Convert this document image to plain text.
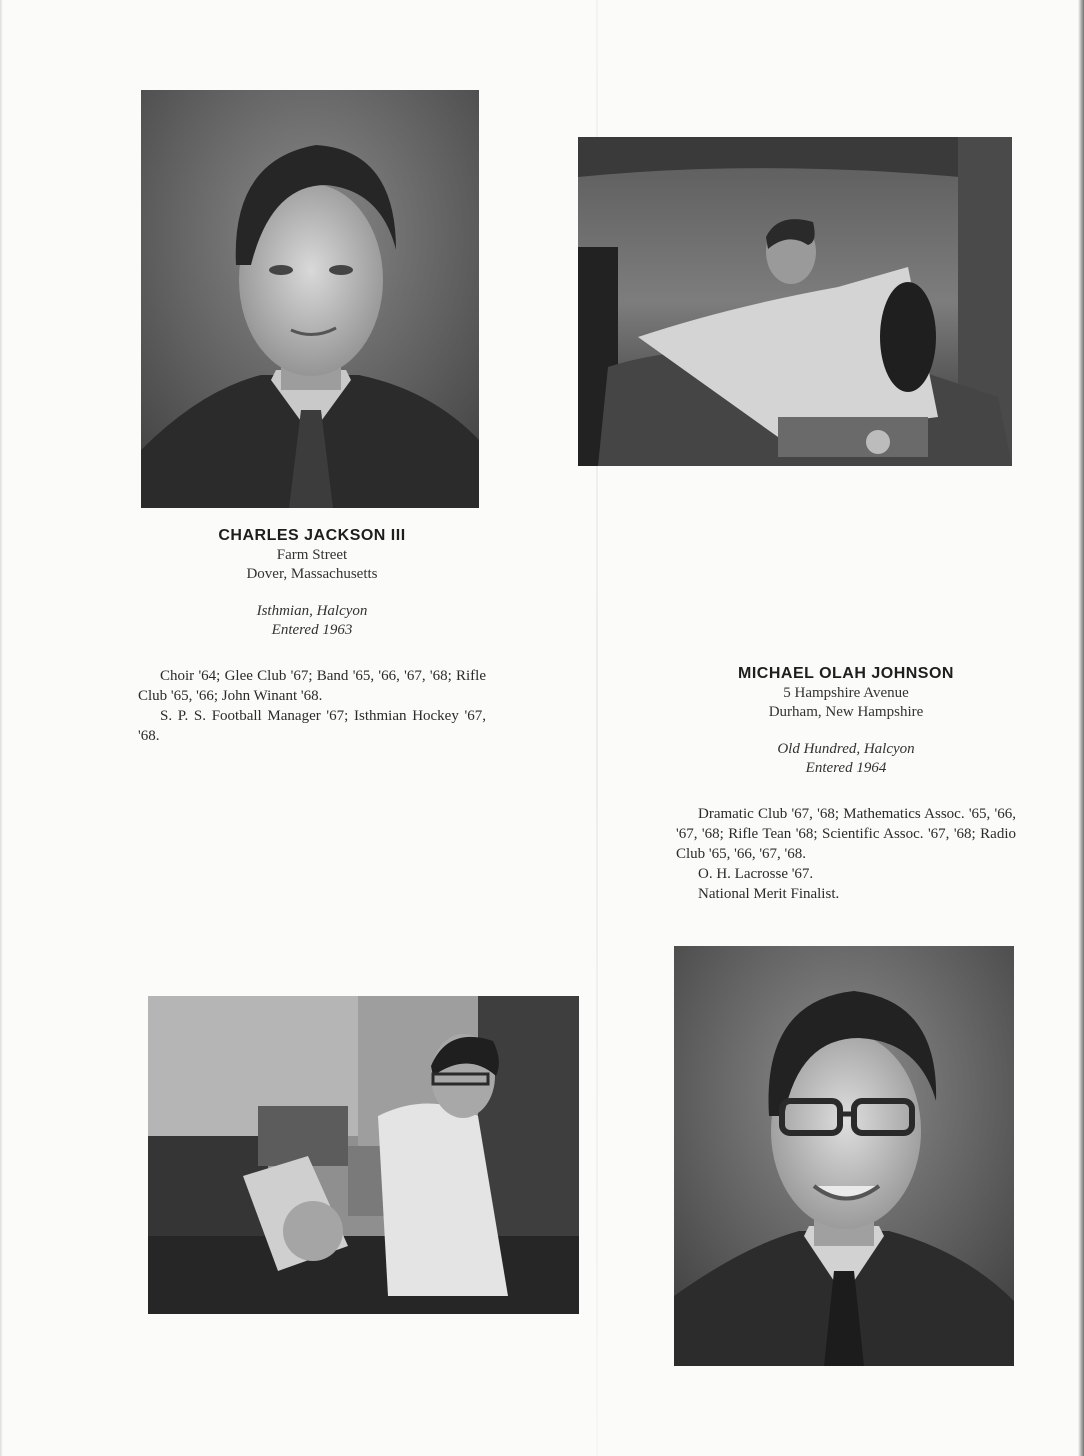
CHARLES JACKSON III
Farm Street
Dover, Massachusetts
Isthmian, Halcyon
Entered 1963

Choir '64; Glee Club '67; Band '65, '66, '67, '68; Rifle Club '65, '66; John Winant '68.

S. P. S. Football Manager '67; Isthmian Hockey '67, '68.

MICHAEL OLAH JOHNSON
5 Hampshire Avenue
Durham, New Hampshire
Old Hundred, Halcyon
Entered 1964

Dramatic Club '67, '68; Mathematics Assoc. '65, '66, '67, '68; Rifle Tean '68; Scientific Assoc. '67, '68; Radio Club '65, '66, '67, '68.

O. H. Lacrosse '67.

National Merit Finalist.
